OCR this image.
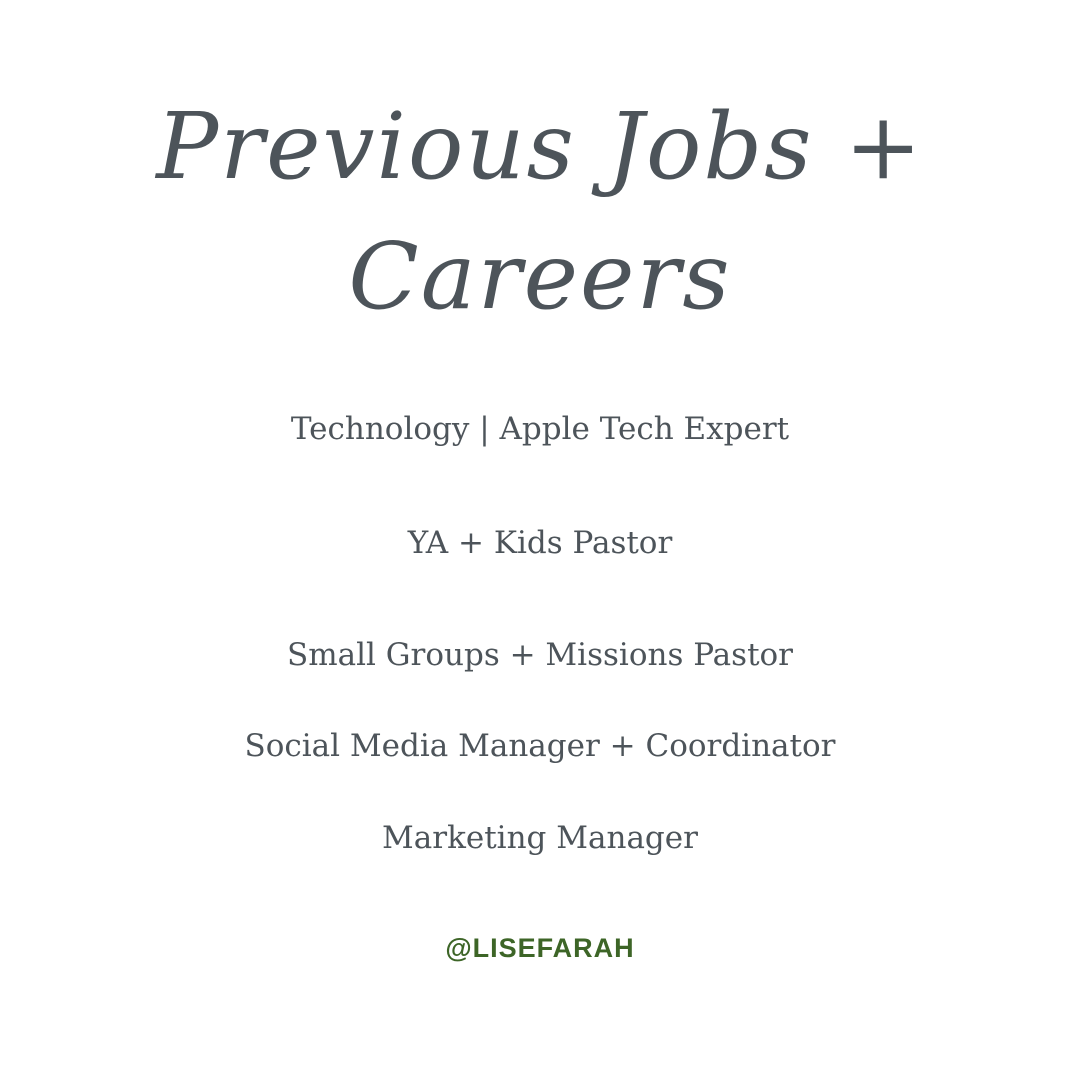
Previous Jobs +
Careers
Technology | Apple Tech Expert
YA + Kids Pastor
Small Groups + Missions Pastor
Social Media Manager + Coordinator
Marketing Manager
@LISEFARAH
